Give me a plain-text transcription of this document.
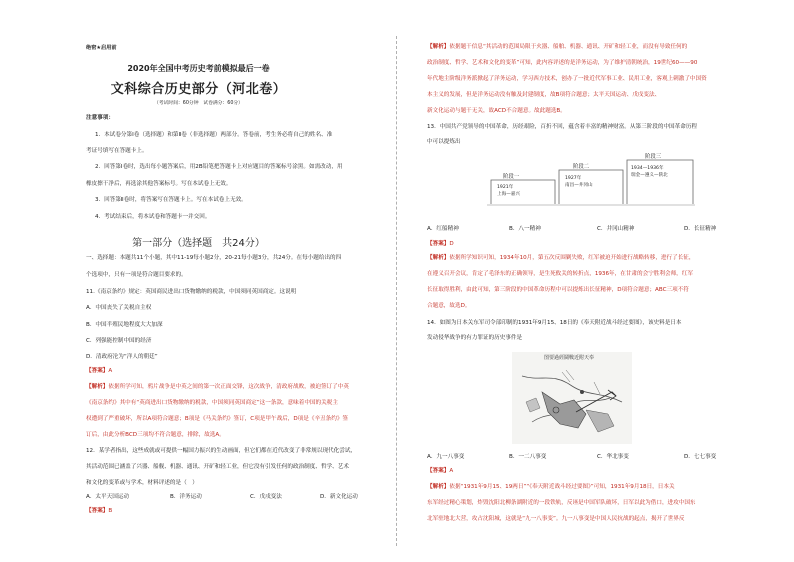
绝密★启用前
2020年全国中考历史考前模拟最后一卷
文科综合历史部分（河北卷）
（考试时间：60分钟　试卷满分：60分）
注意事项：
1．本试卷分第Ⅰ卷（选择题）和第Ⅱ卷（非选择题）两部分。答卷前，考生务必将自己的姓名、准
考证号填写在答题卡上。
2．回答第Ⅰ卷时，选出每小题答案后，用2B铅笔把答题卡上对应题目的答案标号涂黑。如需改动，用
橡皮擦干净后，再选涂其他答案标号。写在本试卷上无效。
3．回答第Ⅱ卷时，将答案写在答题卡上。写在本试卷上无效。
4．考试结束后，将本试卷和答题卡一并交回。
第一部分（选择题　共24分）
一、选择题：本题共11个小题，其中11-19每小题2分，20-21每小题3分，共24分。在每小题给出的四
个选项中，只有一项是符合题目要求的。
11.《南京条约》规定：英国商民进出口货物缴纳的税款，中国须同英国商定。这说明
A．中国丧失了关税自主权
B．中国半殖民地程度大大加深
C．列强能控制中国的经济
D．清政府沦为“洋人的朝廷”
【答案】A
【解析】依据所学可知，鸦片战争是中英之间的第一次正面交锋，这次战争，清政府战败，被迫签订了中英
《南京条约》其中有“英商进出口货物缴纳的税款，中国须同英国商定”这一条款，意味着中国的关税主
权遭到了严重破坏，所以A项符合题意；B项是《马关条约》签订，C项是甲午战后，D项是《辛丑条约》签
订后，由此分析BCD三项均不符合题意，排除，故选A。
12．某学者指出，这些成就或可提供一幅国力振兴的生动画面，但它们都在近代改变了非常规以现代化尝试，
其活动范围已涵盖了兴器、船舰、机器、通讯、开矿和轻工业，但它没有引发任何的政治制度、哲学、艺术
和文化的变革或与学术，材料评述的是（　）
A．太平天国运动	B．洋务运动	C．戊戌变法	D．新文化运动
【答案】B
【解析】依据题干信息“其活动的范围局限于火器、船舶、机器、通讯、开矿和轻工业，而没有导致任何的
政治制度、哲学、艺术和文化的变革”可知，此内容评述的是洋务运动，为了维护清朝统治，19世纪60——90
年代地主阶级洋务派掀起了洋务运动，学习西方技术，创办了一批近代军事工业、民用工业，客观上刺激了中国资
本主义的发展，但是洋务运动没有触及封建制度，故B项符合题意；太平天国运动、戊戌变法、
新文化运动与题干无关，故ACD不合题意。故此题选B。
13．中国共产党领导的中国革命，历经艰险，百折不回，蕴含着丰富的精神财富。从第三阶段的中国革命历程
中可以提炼出
阶段一
1921年
上海—嘉兴
阶段二
1927年
南昌—井冈山
阶段三
1934—1936年
瑞金—遵义—陕北
A．红船精神	B．八一精神	C．井冈山精神	D．长征精神
【答案】D
【解析】依据所学知识可知，1934年10月，第五次反围剿失败，红军被迫开始进行战略转移，进行了长征，
在遵义召开会议，肯定了毛泽东的正确领导，是生死攸关的转折点，1936年，在甘肃的会宁胜利会师，红军
长征取得胜利，由此可知，第三阶段的中国革命历程中可以提炼出长征精神，D项符合题意；ABC三项不符
合题意，故选D。
14．如图为日本关东军司令部印制的1931年9月15、18日的《奉天附近战斗经过要图》，该史料是日本
发动侵华战争的有力罪证的历史事件是
图要過經鬪戰近附天奉
A．九一八事变	B．一二八事变	C．华北事变	D．七七事变
【答案】A
【解析】依据“1931年9月15、19两日”“《奉天附近战斗经过要图》”可知，1931年9月18日，日本关
东军经过精心策划，炸毁沈阳北柳条湖附近的一段铁轨，反诬是中国军队破坏，日军以此为借口，进攻中国东
北军驻地北大营，攻占沈阳城，这就是“九一八事变”。九一八事变是中国人民抗战的起点，揭开了世界反
